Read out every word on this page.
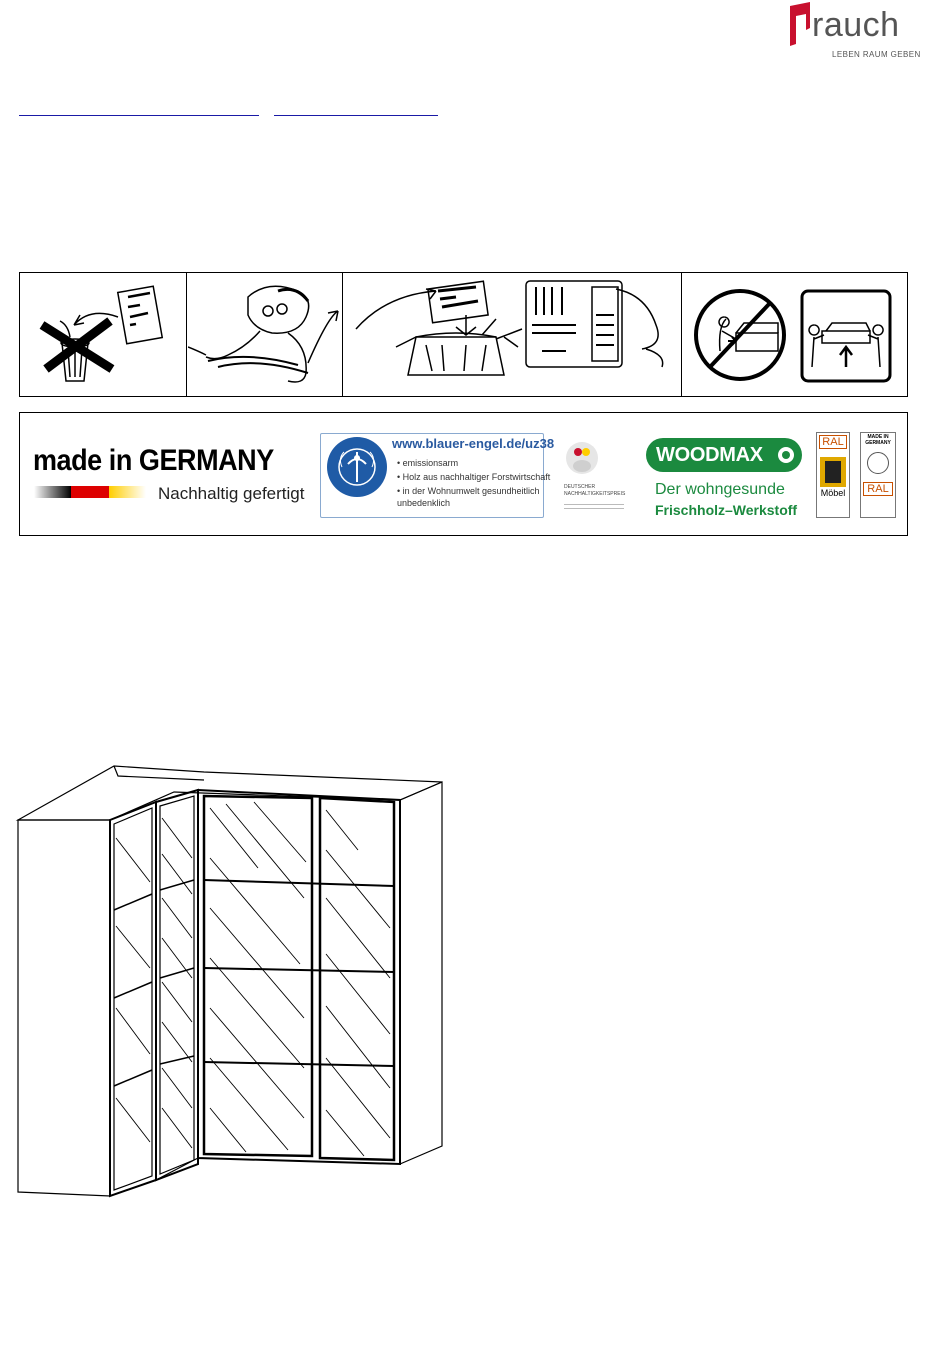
rauch
LEBEN RAUM GEBEN
made in GERMANY
Nachhaltig gefertigt
www.blauer-engel.de/uz38
• emissionsarm
• Holz aus nachhaltiger Forstwirtschaft
• in der Wohnumwelt gesundheitlich
unbedenklich
DEUTSCHER
NACHHALTIGKEITSPREIS
WOODMAX
Der wohngesunde
Frischholz–Werkstoff
RAL
Möbel
MADE IN GERMANY
RAL
